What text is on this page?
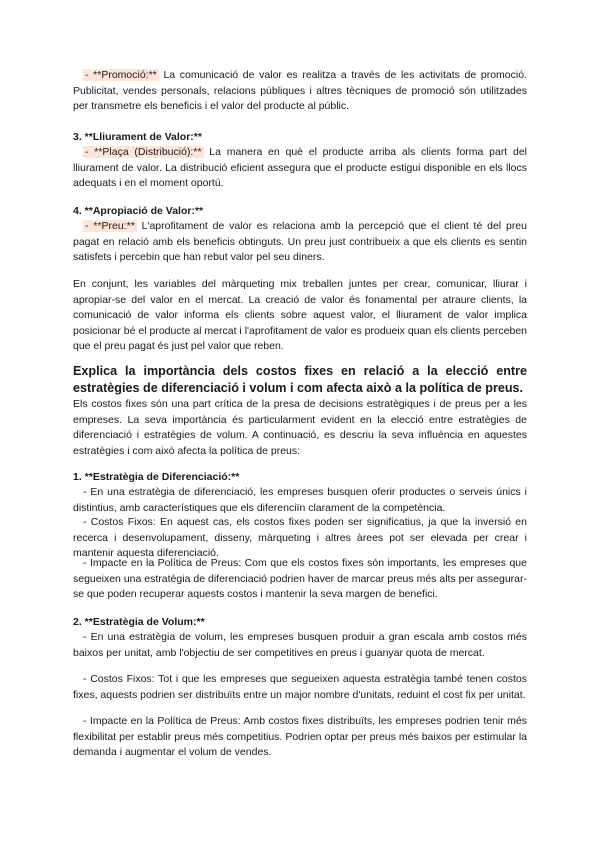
- **Promoció:** La comunicació de valor es realitza a través de les activitats de promoció. Publicitat, vendes personals, relacions públiques i altres tècniques de promoció són utilitzades per transmetre els beneficis i el valor del producte al públic.

3. **Lliurament de Valor:**

- **Plaça (Distribució):** La manera en què el producte arriba als clients forma part del lliurament de valor. La distribució eficient assegura que el producte estigui disponible en els llocs adequats i en el moment oportú.

4. **Apropiació de Valor:**

- **Preu:** L'aprofitament de valor es relaciona amb la percepció que el client té del preu pagat en relació amb els beneficis obtinguts. Un preu just contribueix a que els clients es sentin satisfets i percebin que han rebut valor pel seu diners.

En conjunt, les variables del màrqueting mix treballen juntes per crear, comunicar, lliurar i apropiar-se del valor en el mercat. La creació de valor és fonamental per atraure clients, la comunicació de valor informa els clients sobre aquest valor, el lliurament de valor implica posicionar bé el producte al mercat i l'aprofitament de valor es produeix quan els clients perceben que el preu pagat és just pel valor que reben.

Explica la importància dels costos fixes en relació a la elecció entre estratègies de diferenciació i volum i com afecta això a la política de preus.

Els costos fixes són una part crítica de la presa de decisions estratègiques i de preus per a les empreses. La seva importància és particularment evident en la elecció entre estratègies de diferenciació i estratègies de volum. A continuació, es descriu la seva influència en aquestes estratègies i com això afecta la política de preus:

1. **Estratègia de Diferenciació:**

- En una estratègia de diferenciació, les empreses busquen oferir productes o serveis únics i distintius, amb característiques que els diferenciïn clarament de la competència.

- Costos Fixos: En aquest cas, els costos fixes poden ser significatius, ja que la inversió en recerca i desenvolupament, disseny, màrqueting i altres àrees pot ser elevada per crear i mantenir aquesta diferenciació.

- Impacte en la Política de Preus: Com que els costos fixes són importants, les empreses que segueixen una estratègia de diferenciació podrien haver de marcar preus més alts per assegurar-se que poden recuperar aquests costos i mantenir la seva margen de benefici.

2. **Estratègia de Volum:**

- En una estratègia de volum, les empreses busquen produir a gran escala amb costos més baixos per unitat, amb l'objectiu de ser competitives en preus i guanyar quota de mercat.

- Costos Fixos: Tot i que les empreses que segueixen aquesta estratègia també tenen costos fixes, aquests podrien ser distribuïts entre un major nombre d'unitats, reduint el cost fix per unitat.

- Impacte en la Política de Preus: Amb costos fixes distribuïts, les empreses podrien tenir més flexibilitat per establir preus més competitius. Podrien optar per preus més baixos per estimular la demanda i augmentar el volum de vendes.
